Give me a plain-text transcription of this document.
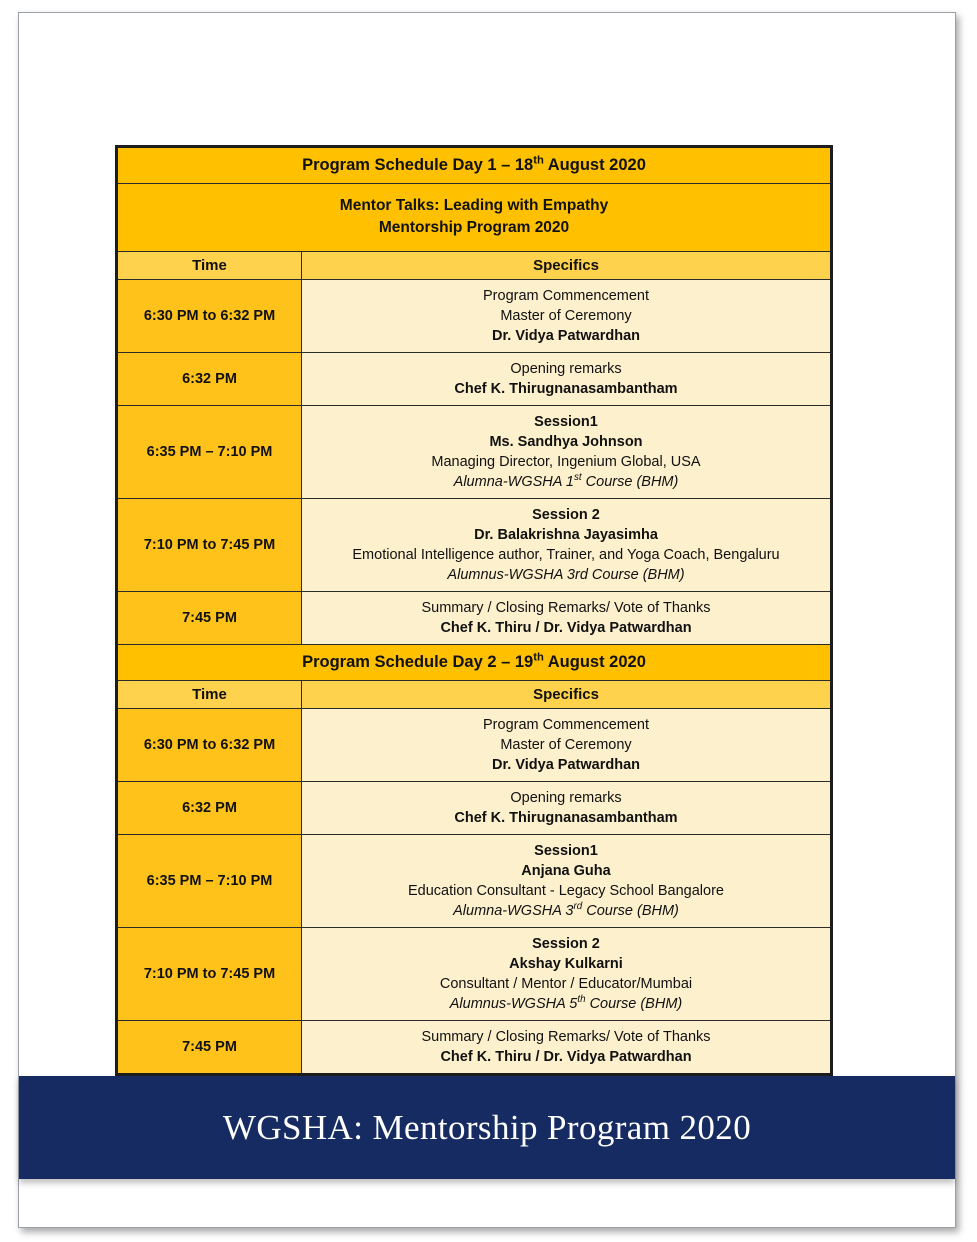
Program Schedule Day 1 – 18th August 2020	

Mentor Talks: Leading with Empathy
Mentorship Program 2020	

Time	Specifics
6:30 PM to 6:32 PM	Program Commencement
Master of Ceremony
Dr. Vidya Patwardhan

6:32 PM	Opening remarks
Chef K. Thirugnanasambantham

6:35 PM – 7:10 PM	Session1
Ms. Sandhya Johnson
Managing Director, Ingenium Global, USA
Alumna-WGSHA 1st Course (BHM)

7:10 PM to 7:45 PM	Session 2
Dr. Balakrishna Jayasimha
Emotional Intelligence author, Trainer, and Yoga Coach, Bengaluru
Alumnus-WGSHA 3rd Course (BHM)

7:45 PM	Summary / Closing Remarks/ Vote of Thanks
Chef K. Thiru / Dr. Vidya Patwardhan

Program Schedule Day 2 – 19th August 2020	
Time	Specifics
6:30 PM to 6:32 PM	Program Commencement
Master of Ceremony
Dr. Vidya Patwardhan

6:32 PM	Opening remarks
Chef K. Thirugnanasambantham

6:35 PM – 7:10 PM	Session1
Anjana Guha
Education Consultant - Legacy School Bangalore
Alumna-WGSHA 3rd Course (BHM)

7:10 PM to 7:45 PM	Session 2
Akshay Kulkarni
Consultant / Mentor / Educator/Mumbai
Alumnus-WGSHA 5th Course (BHM)

7:45 PM	Summary / Closing Remarks/ Vote of Thanks
Chef K. Thiru / Dr. Vidya Patwardhan
WGSHA: Mentorship Program 2020
